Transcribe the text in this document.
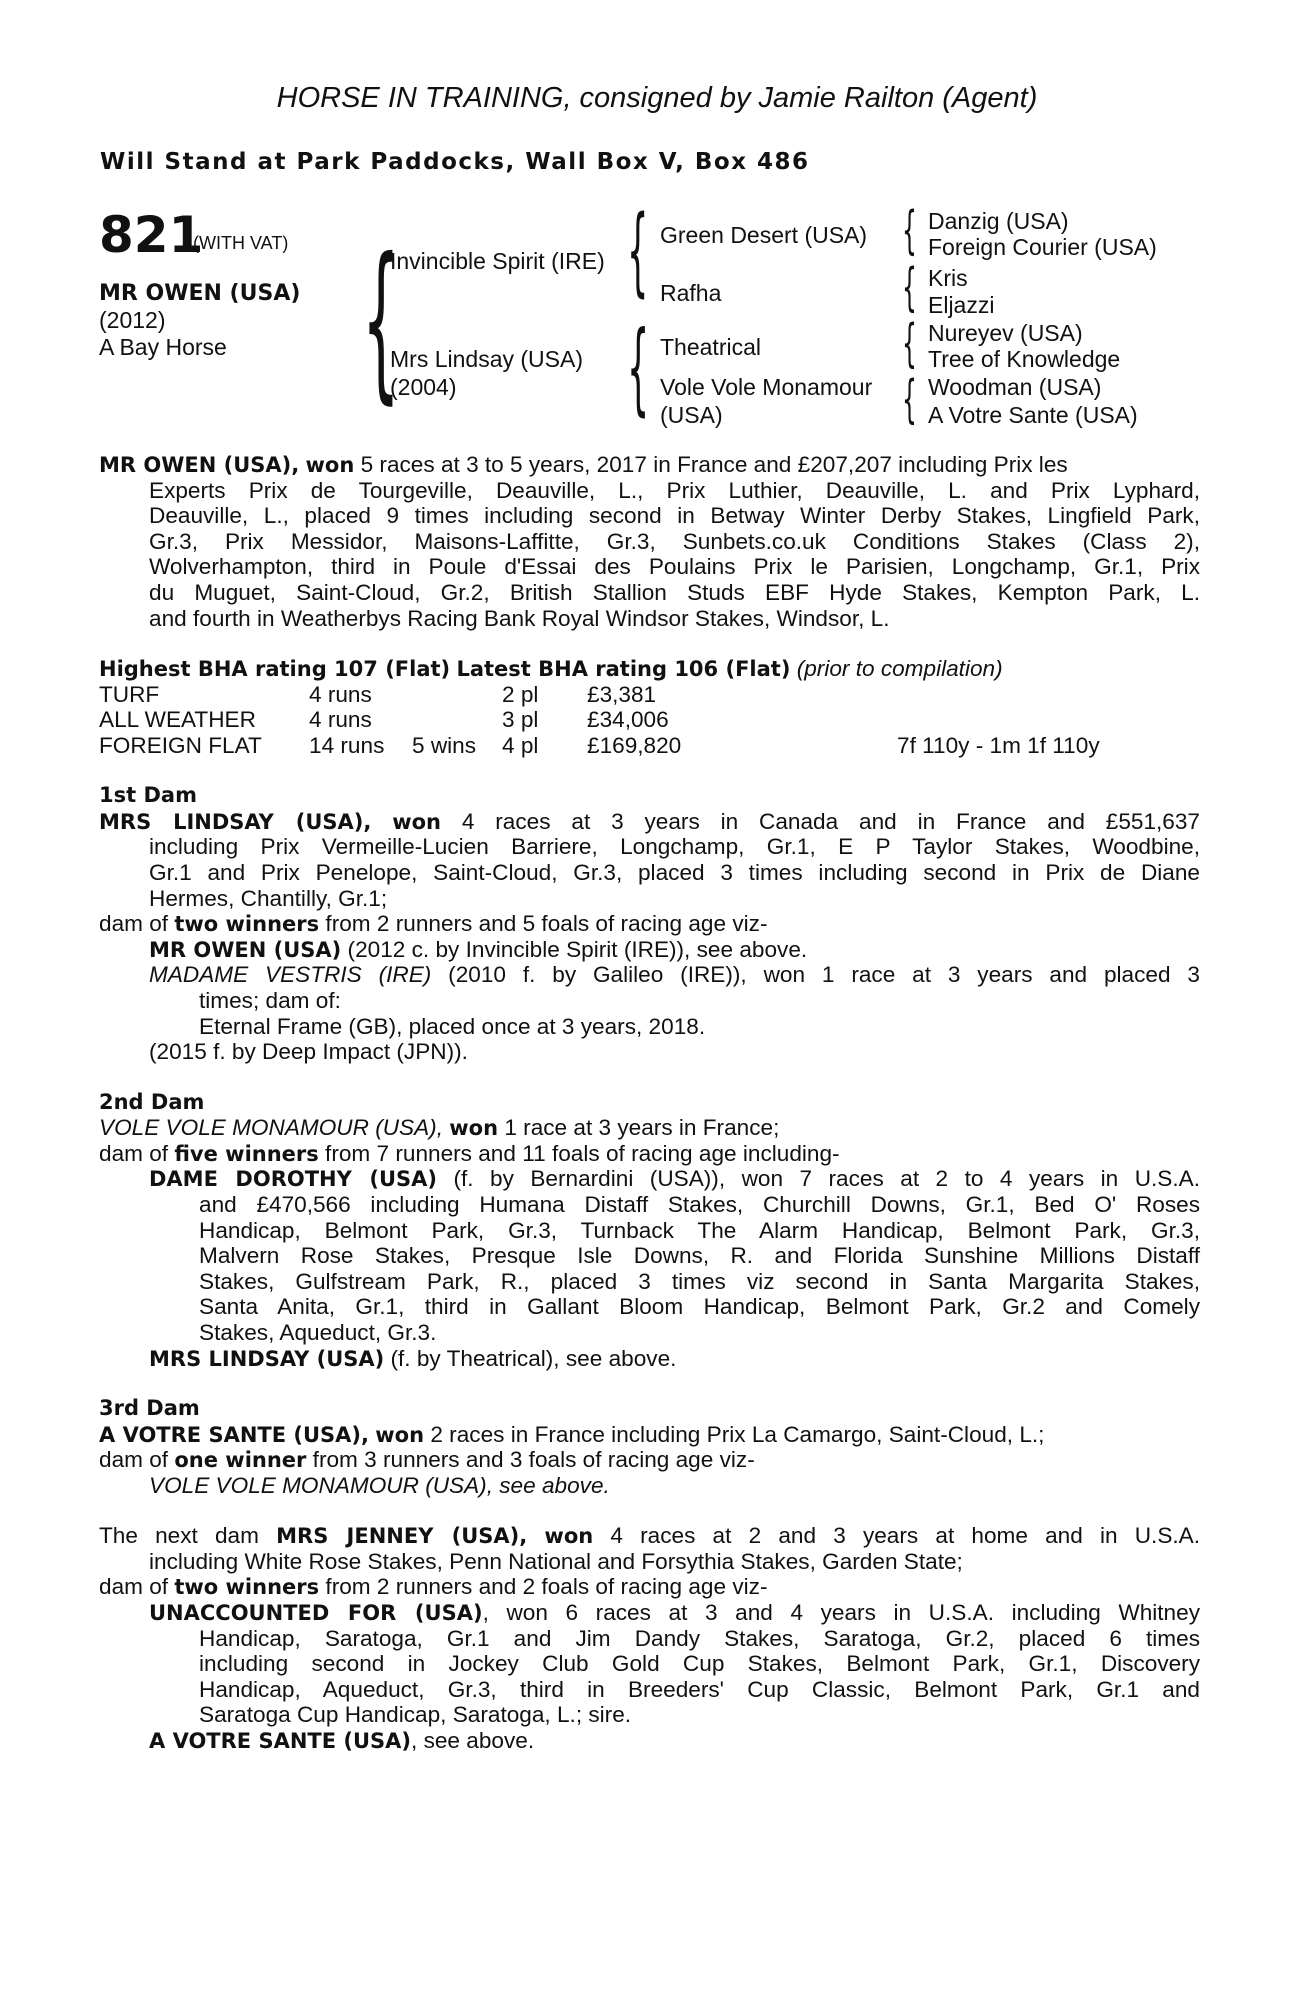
HORSE IN TRAINING, consigned by Jamie Railton (Agent)
Will Stand at Park Paddocks, Wall Box V, Box 486
821
(WITH VAT)
MR OWEN (USA)
(2012)
A Bay Horse {
Invincible Spirit (IRE)
Mrs Lindsay (USA)
(2004)
{ Green Desert (USA)
Rafha
{ Theatrical
Vole Vole Monamour
(USA)
{
{
{
{
Danzig (USA)
Foreign Courier (USA)
Kris
Eljazzi
Nureyev (USA)
Tree of Knowledge
Woodman (USA)
A Votre Sante (USA)
MR OWEN (USA), won 5 races at 3 to 5 years, 2017 in France and £207,207 including Prix les
Experts Prix de Tourgeville, Deauville, L., Prix Luthier, Deauville, L. and Prix Lyphard,
Deauville, L., placed 9 times including second in Betway Winter Derby Stakes, Lingfield Park,
Gr.3, Prix Messidor, Maisons-Laffitte, Gr.3, Sunbets.co.uk Conditions Stakes (Class 2),
Wolverhampton, third in Poule d'Essai des Poulains Prix le Parisien, Longchamp, Gr.1, Prix
du Muguet, Saint-Cloud, Gr.2, British Stallion Studs EBF Hyde Stakes, Kempton Park, L.
and fourth in Weatherbys Racing Bank Royal Windsor Stakes, Windsor, L.
Highest BHA rating 107 (Flat) Latest BHA rating 106 (Flat) (prior to compilation)
TURF	4 runs	2 pl £3,381
ALL WEATHER 4 runs	3 pl £34,006
FOREIGN FLAT 14 runs 5 wins 4 pl £169,820	7f 110y - 1m 1f 110y
1st Dam
MRS LINDSAY (USA), won 4 races at 3 years in Canada and in France and £551,637
including Prix Vermeille-Lucien Barriere, Longchamp, Gr.1, E P Taylor Stakes, Woodbine,
Gr.1 and Prix Penelope, Saint-Cloud, Gr.3, placed 3 times including second in Prix de Diane
Hermes, Chantilly, Gr.1;
dam of two winners from 2 runners and 5 foals of racing age viz-
MR OWEN (USA) (2012 c. by Invincible Spirit (IRE)), see above.
MADAME VESTRIS (IRE) (2010 f. by Galileo (IRE)), won 1 race at 3 years and placed 3
times; dam of:
Eternal Frame (GB), placed once at 3 years, 2018.
(2015 f. by Deep Impact (JPN)).
2nd Dam
VOLE VOLE MONAMOUR (USA), won 1 race at 3 years in France;
dam of five winners from 7 runners and 11 foals of racing age including-
DAME DOROTHY (USA) (f. by Bernardini (USA)), won 7 races at 2 to 4 years in U.S.A.
and £470,566 including Humana Distaff Stakes, Churchill Downs, Gr.1, Bed O' Roses
Handicap, Belmont Park, Gr.3, Turnback The Alarm Handicap, Belmont Park, Gr.3,
Malvern Rose Stakes, Presque Isle Downs, R. and Florida Sunshine Millions Distaff
Stakes, Gulfstream Park, R., placed 3 times viz second in Santa Margarita Stakes,
Santa Anita, Gr.1, third in Gallant Bloom Handicap, Belmont Park, Gr.2 and Comely
Stakes, Aqueduct, Gr.3.
MRS LINDSAY (USA) (f. by Theatrical), see above.
3rd Dam
A VOTRE SANTE (USA), won 2 races in France including Prix La Camargo, Saint-Cloud, L.;
dam of one winner from 3 runners and 3 foals of racing age viz-
VOLE VOLE MONAMOUR (USA), see above.
The next dam MRS JENNEY (USA), won 4 races at 2 and 3 years at home and in U.S.A.
including White Rose Stakes, Penn National and Forsythia Stakes, Garden State;
dam of two winners from 2 runners and 2 foals of racing age viz-
UNACCOUNTED FOR (USA), won 6 races at 3 and 4 years in U.S.A. including Whitney
Handicap, Saratoga, Gr.1 and Jim Dandy Stakes, Saratoga, Gr.2, placed 6 times
including second in Jockey Club Gold Cup Stakes, Belmont Park, Gr.1, Discovery
Handicap, Aqueduct, Gr.3, third in Breeders' Cup Classic, Belmont Park, Gr.1 and
Saratoga Cup Handicap, Saratoga, L.; sire.
A VOTRE SANTE (USA), see above.
